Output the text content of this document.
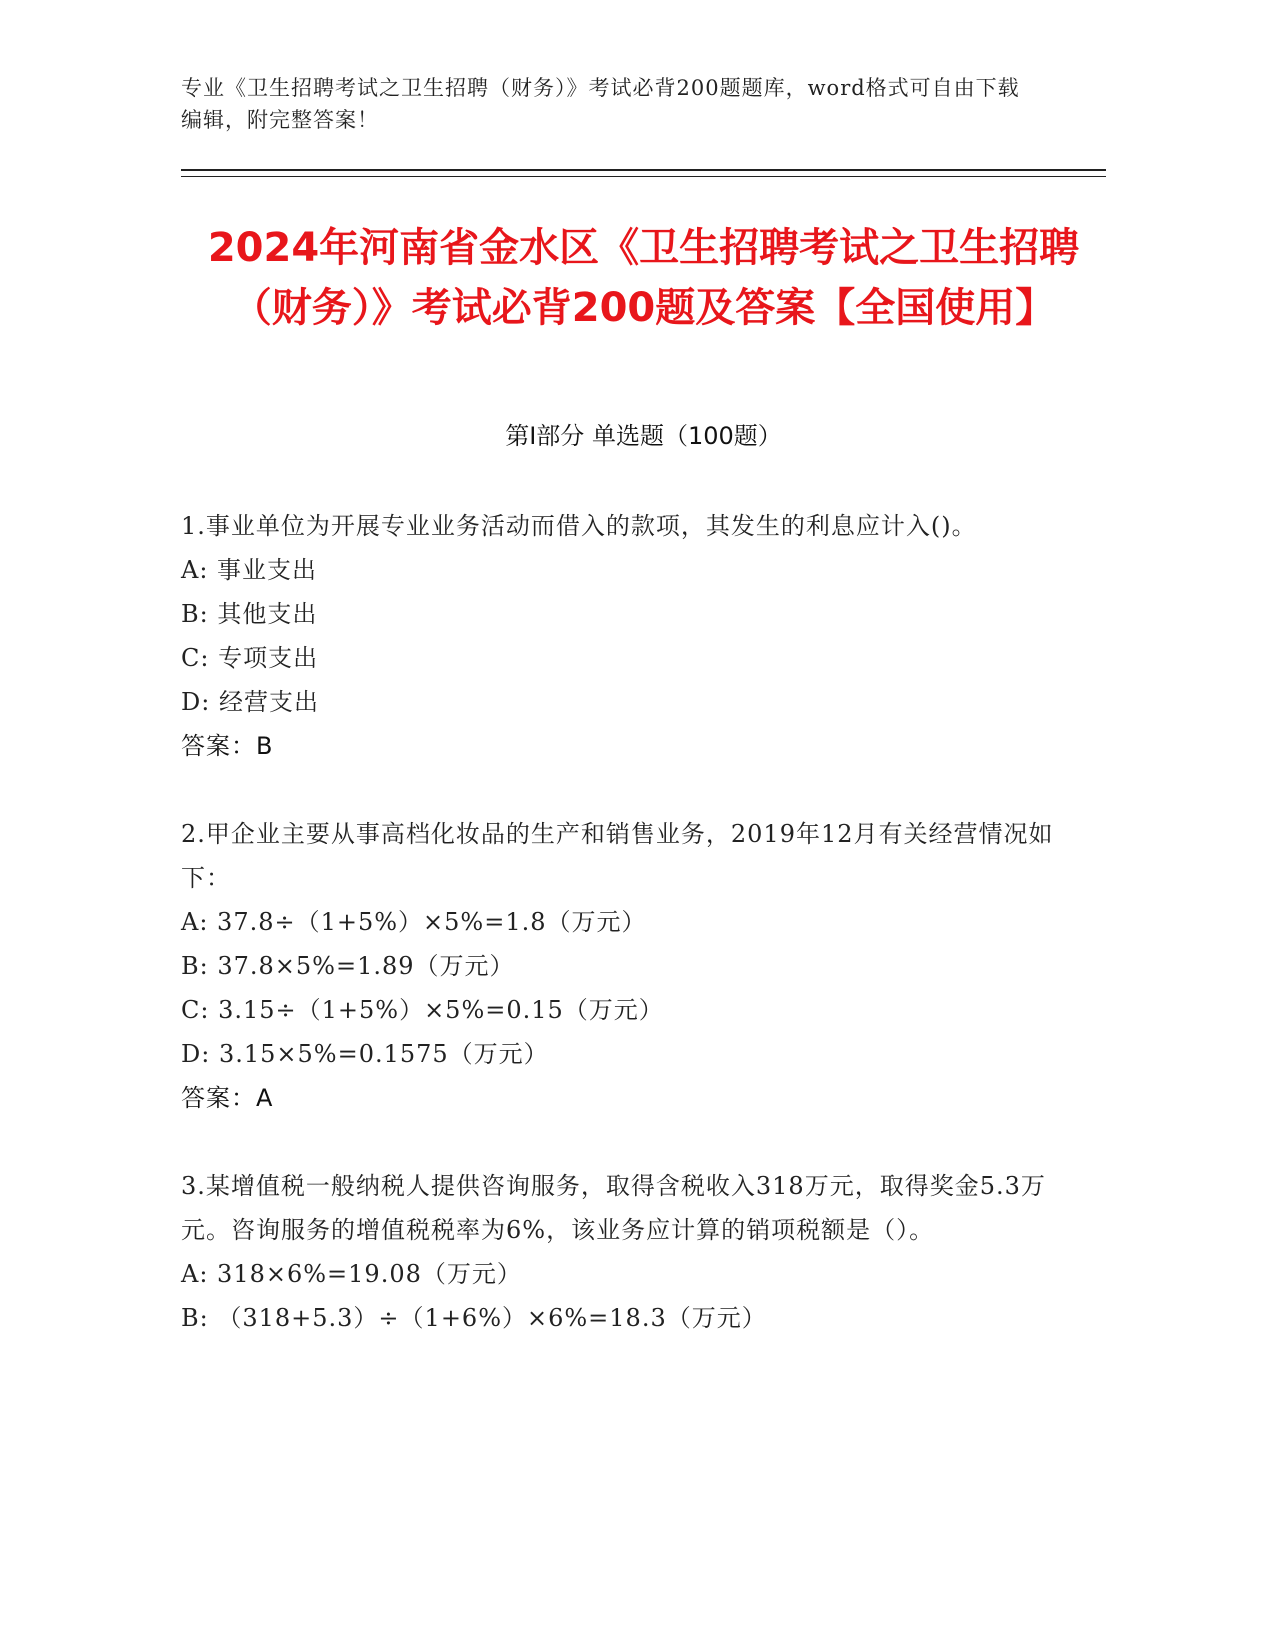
专业《卫生招聘考试之卫生招聘（财务）》考试必背200题题库，word格式可自由下载编辑，附完整答案！
2024年河南省金水区《卫生招聘考试之卫生招聘（财务）》考试必背200题及答案【全国使用】
第I部分 单选题（100题）

1.事业单位为开展专业业务活动而借入的款项，其发生的利息应计入()。

A: 事业支出

B: 其他支出

C: 专项支出

D: 经营支出

答案：B

2.甲企业主要从事高档化妆品的生产和销售业务，2019年12月有关经营情况如下：

A: 37.8÷（1+5%）×5%=1.8（万元）

B: 37.8×5%=1.89（万元）

C: 3.15÷（1+5%）×5%=0.15（万元）

D: 3.15×5%=0.1575（万元）

答案：A

3.某增值税一般纳税人提供咨询服务，取得含税收入318万元，取得奖金5.3万元。咨询服务的增值税税率为6%，该业务应计算的销项税额是（）。

A: 318×6%=19.08（万元）

B: （318+5.3）÷（1+6%）×6%=18.3（万元）
